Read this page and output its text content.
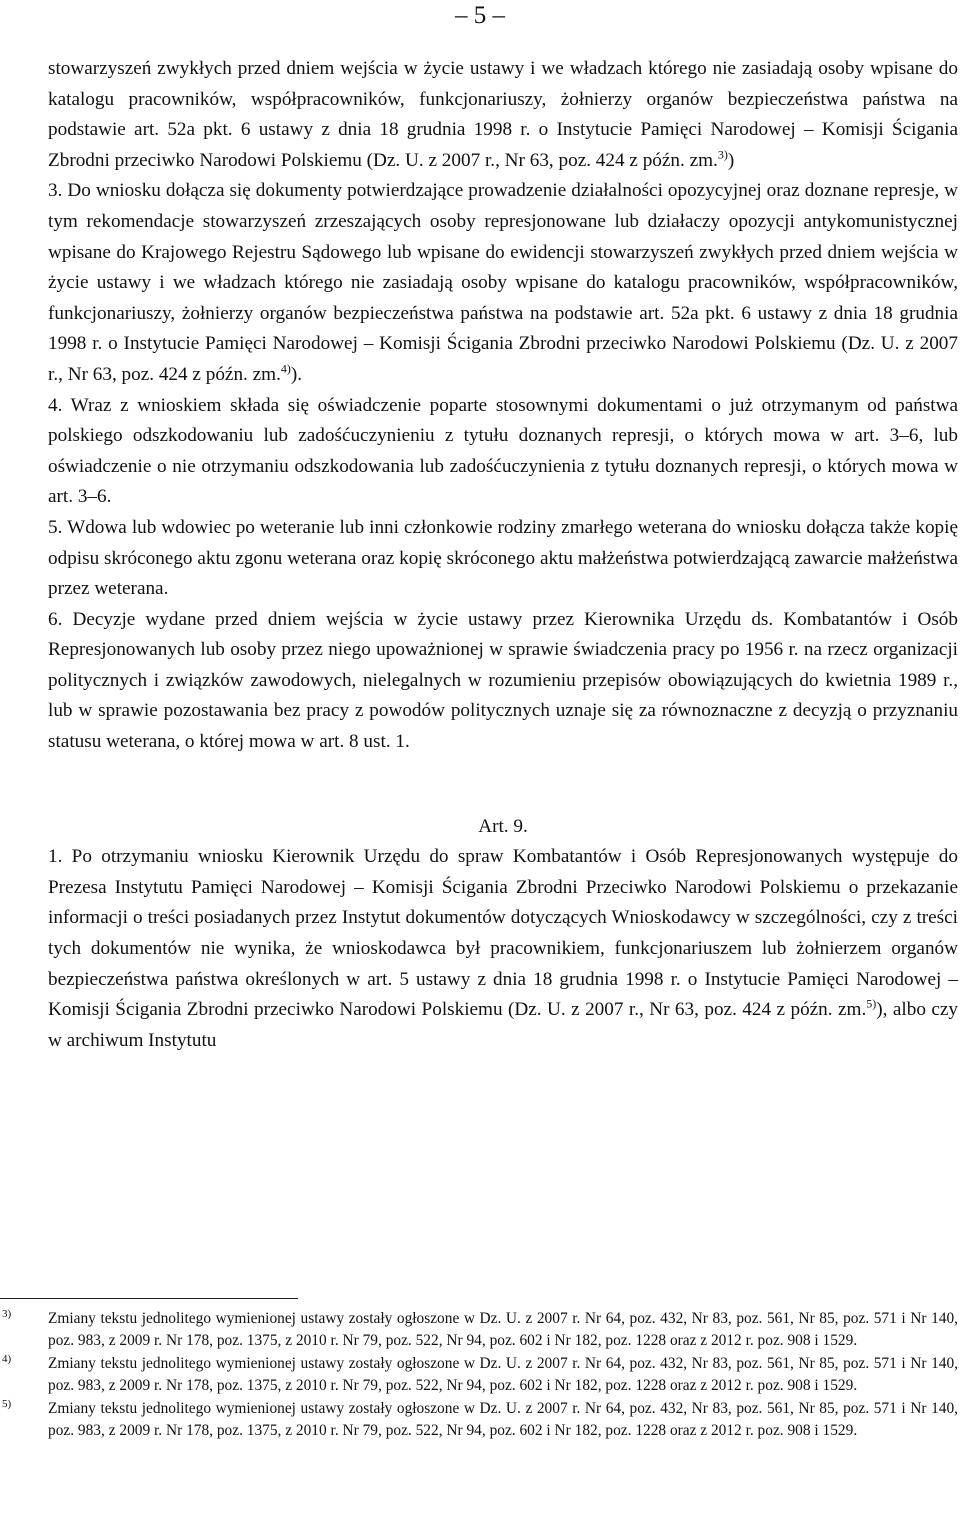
– 5 –

stowarzyszeń zwykłych przed dniem wejścia w życie ustawy i we władzach którego nie zasiadają osoby wpisane do katalogu pracowników, współpracowników, funkcjonariuszy, żołnierzy organów bezpieczeństwa państwa na podstawie art. 52a pkt. 6 ustawy z dnia 18 grudnia 1998 r. o Instytucie Pamięci Narodowej – Komisji Ścigania Zbrodni przeciwko Narodowi Polskiemu (Dz. U. z 2007 r., Nr 63, poz. 424 z późn. zm.$^{3)}$)

3. Do wniosku dołącza się dokumenty potwierdzające prowadzenie działalności opozycyjnej oraz doznane represje, w tym rekomendacje stowarzyszeń zrzeszających osoby represjonowane lub działaczy opozycji antykomunistycznej wpisane do Krajowego Rejestru Sądowego lub wpisane do ewidencji stowarzyszeń zwykłych przed dniem wejścia w życie ustawy i we władzach którego nie zasiadają osoby wpisane do katalogu pracowników, współpracowników, funkcjonariuszy, żołnierzy organów bezpieczeństwa państwa na podstawie art. 52a pkt. 6 ustawy z dnia 18 grudnia 1998 r. o Instytucie Pamięci Narodowej – Komisji Ścigania Zbrodni przeciwko Narodowi Polskiemu (Dz. U. z 2007 r., Nr 63, poz. 424 z późn. zm.$^{4)}$).

4. Wraz z wnioskiem składa się oświadczenie poparte stosownymi dokumentami o już otrzymanym od państwa polskiego odszkodowaniu lub zadośćuczynieniu z tytułu doznanych represji, o których mowa w art. 3–6, lub oświadczenie o nie otrzymaniu odszkodowania lub zadośćuczynienia z tytułu doznanych represji, o których mowa w art. 3–6.

5. Wdowa lub wdowiec po weteranie lub inni członkowie rodziny zmarłego weterana do wniosku dołącza także kopię odpisu skróconego aktu zgonu weterana oraz kopię skróconego aktu małżeństwa potwierdzającą zawarcie małżeństwa przez weterana.

6. Decyzje wydane przed dniem wejścia w życie ustawy przez Kierownika Urzędu ds. Kombatantów i Osób Represjonowanych lub osoby przez niego upoważnionej w sprawie świadczenia pracy po 1956 r. na rzecz organizacji politycznych i związków zawodowych, nielegalnych w rozumieniu przepisów obowiązujących do kwietnia 1989 r., lub w sprawie pozostawania bez pracy z powodów politycznych uznaje się za równoznaczne z decyzją o przyznaniu statusu weterana, o której mowa w art. 8 ust. 1.

Art. 9.

1. Po otrzymaniu wniosku Kierownik Urzędu do spraw Kombatantów i Osób Represjonowanych występuje do Prezesa Instytutu Pamięci Narodowej – Komisji Ścigania Zbrodni Przeciwko Narodowi Polskiemu o przekazanie informacji o treści posiadanych przez Instytut dokumentów dotyczących Wnioskodawcy w szczególności, czy z treści tych dokumentów nie wynika, że wnioskodawca był pracownikiem, funkcjonariuszem lub żołnierzem organów bezpieczeństwa państwa określonych w art. 5 ustawy z dnia 18 grudnia 1998 r. o Instytucie Pamięci Narodowej – Komisji Ścigania Zbrodni przeciwko Narodowi Polskiemu (Dz. U. z 2007 r., Nr 63, poz. 424 z późn. zm.$^{5)}$), albo czy w archiwum Instytutu

3) Zmiany tekstu jednolitego wymienionej ustawy zostały ogłoszone w Dz. U. z 2007 r. Nr 64, poz. 432, Nr 83, poz. 561, Nr 85, poz. 571 i Nr 140, poz. 983, z 2009 r. Nr 178, poz. 1375, z 2010 r. Nr 79, poz. 522, Nr 94, poz. 602 i Nr 182, poz. 1228 oraz z 2012 r. poz. 908 i 1529.
4) Zmiany tekstu jednolitego wymienionej ustawy zostały ogłoszone w Dz. U. z 2007 r. Nr 64, poz. 432, Nr 83, poz. 561, Nr 85, poz. 571 i Nr 140, poz. 983, z 2009 r. Nr 178, poz. 1375, z 2010 r. Nr 79, poz. 522, Nr 94, poz. 602 i Nr 182, poz. 1228 oraz z 2012 r. poz. 908 i 1529.
5) Zmiany tekstu jednolitego wymienionej ustawy zostały ogłoszone w Dz. U. z 2007 r. Nr 64, poz. 432, Nr 83, poz. 561, Nr 85, poz. 571 i Nr 140, poz. 983, z 2009 r. Nr 178, poz. 1375, z 2010 r. Nr 79, poz. 522, Nr 94, poz. 602 i Nr 182, poz. 1228 oraz z 2012 r. poz. 908 i 1529.
